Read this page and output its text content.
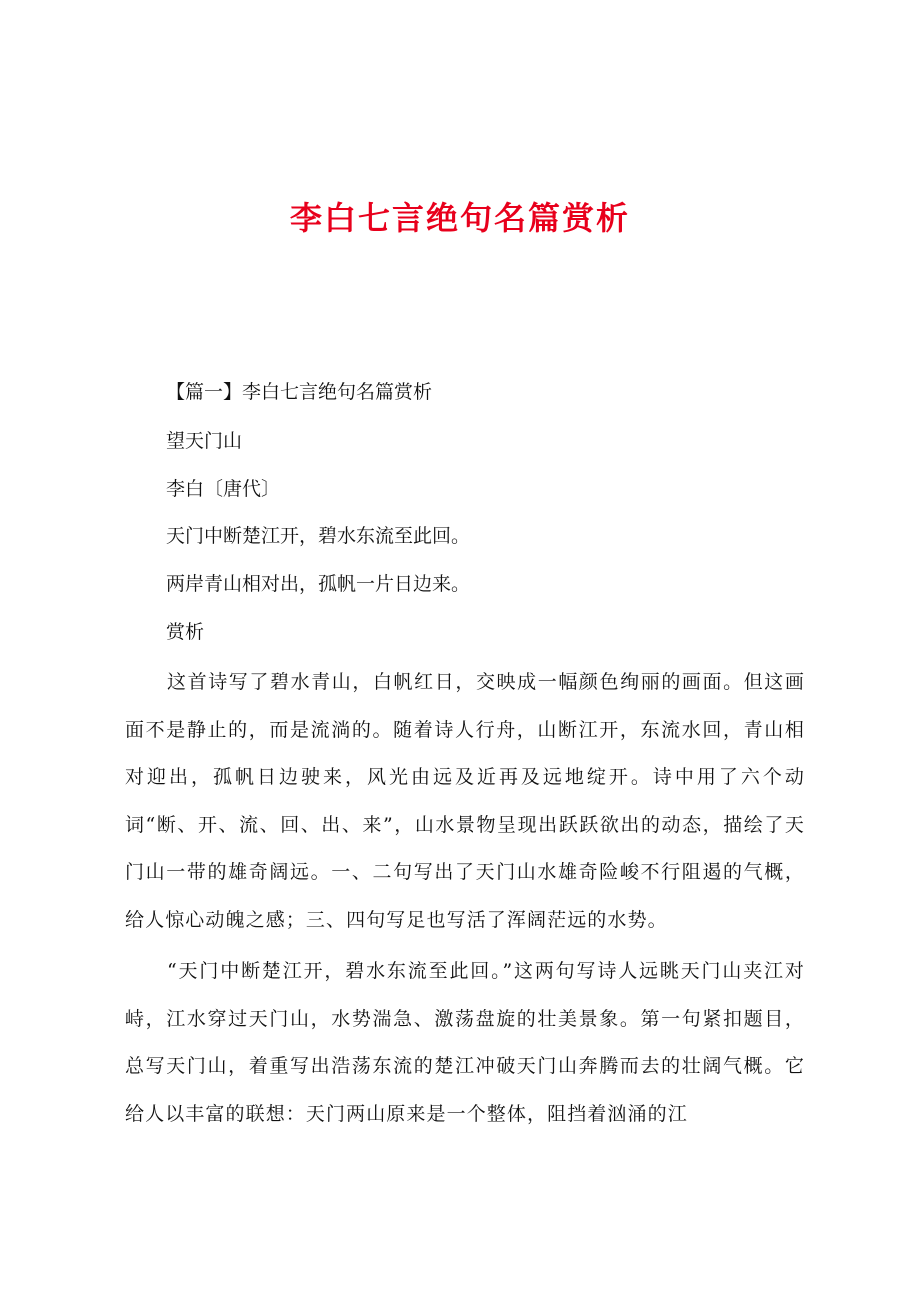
李白七言绝句名篇赏析
【篇一】李白七言绝句名篇赏析
望天门山
李白〔唐代〕
天门中断楚江开，碧水东流至此回。
两岸青山相对出，孤帆一片日边来。
赏析
这首诗写了碧水青山，白帆红日，交映成一幅颜色绚丽的画面。但这画面不是静止的，而是流淌的。随着诗人行舟，山断江开，东流水回，青山相对迎出，孤帆日边驶来，风光由远及近再及远地绽开。诗中用了六个动词“断、开、流、回、出、来”，山水景物呈现出跃跃欲出的动态，描绘了天门山一带的雄奇阔远。一、二句写出了天门山水雄奇险峻不行阻遏的气概，给人惊心动魄之感；三、四句写足也写活了浑阔茫远的水势。
“天门中断楚江开，碧水东流至此回。”这两句写诗人远眺天门山夹江对峙，江水穿过天门山，水势湍急、激荡盘旋的壮美景象。第一句紧扣题目，总写天门山，着重写出浩荡东流的楚江冲破天门山奔腾而去的壮阔气概。它给人以丰富的联想：天门两山原来是一个整体，阻挡着汹涌的江
